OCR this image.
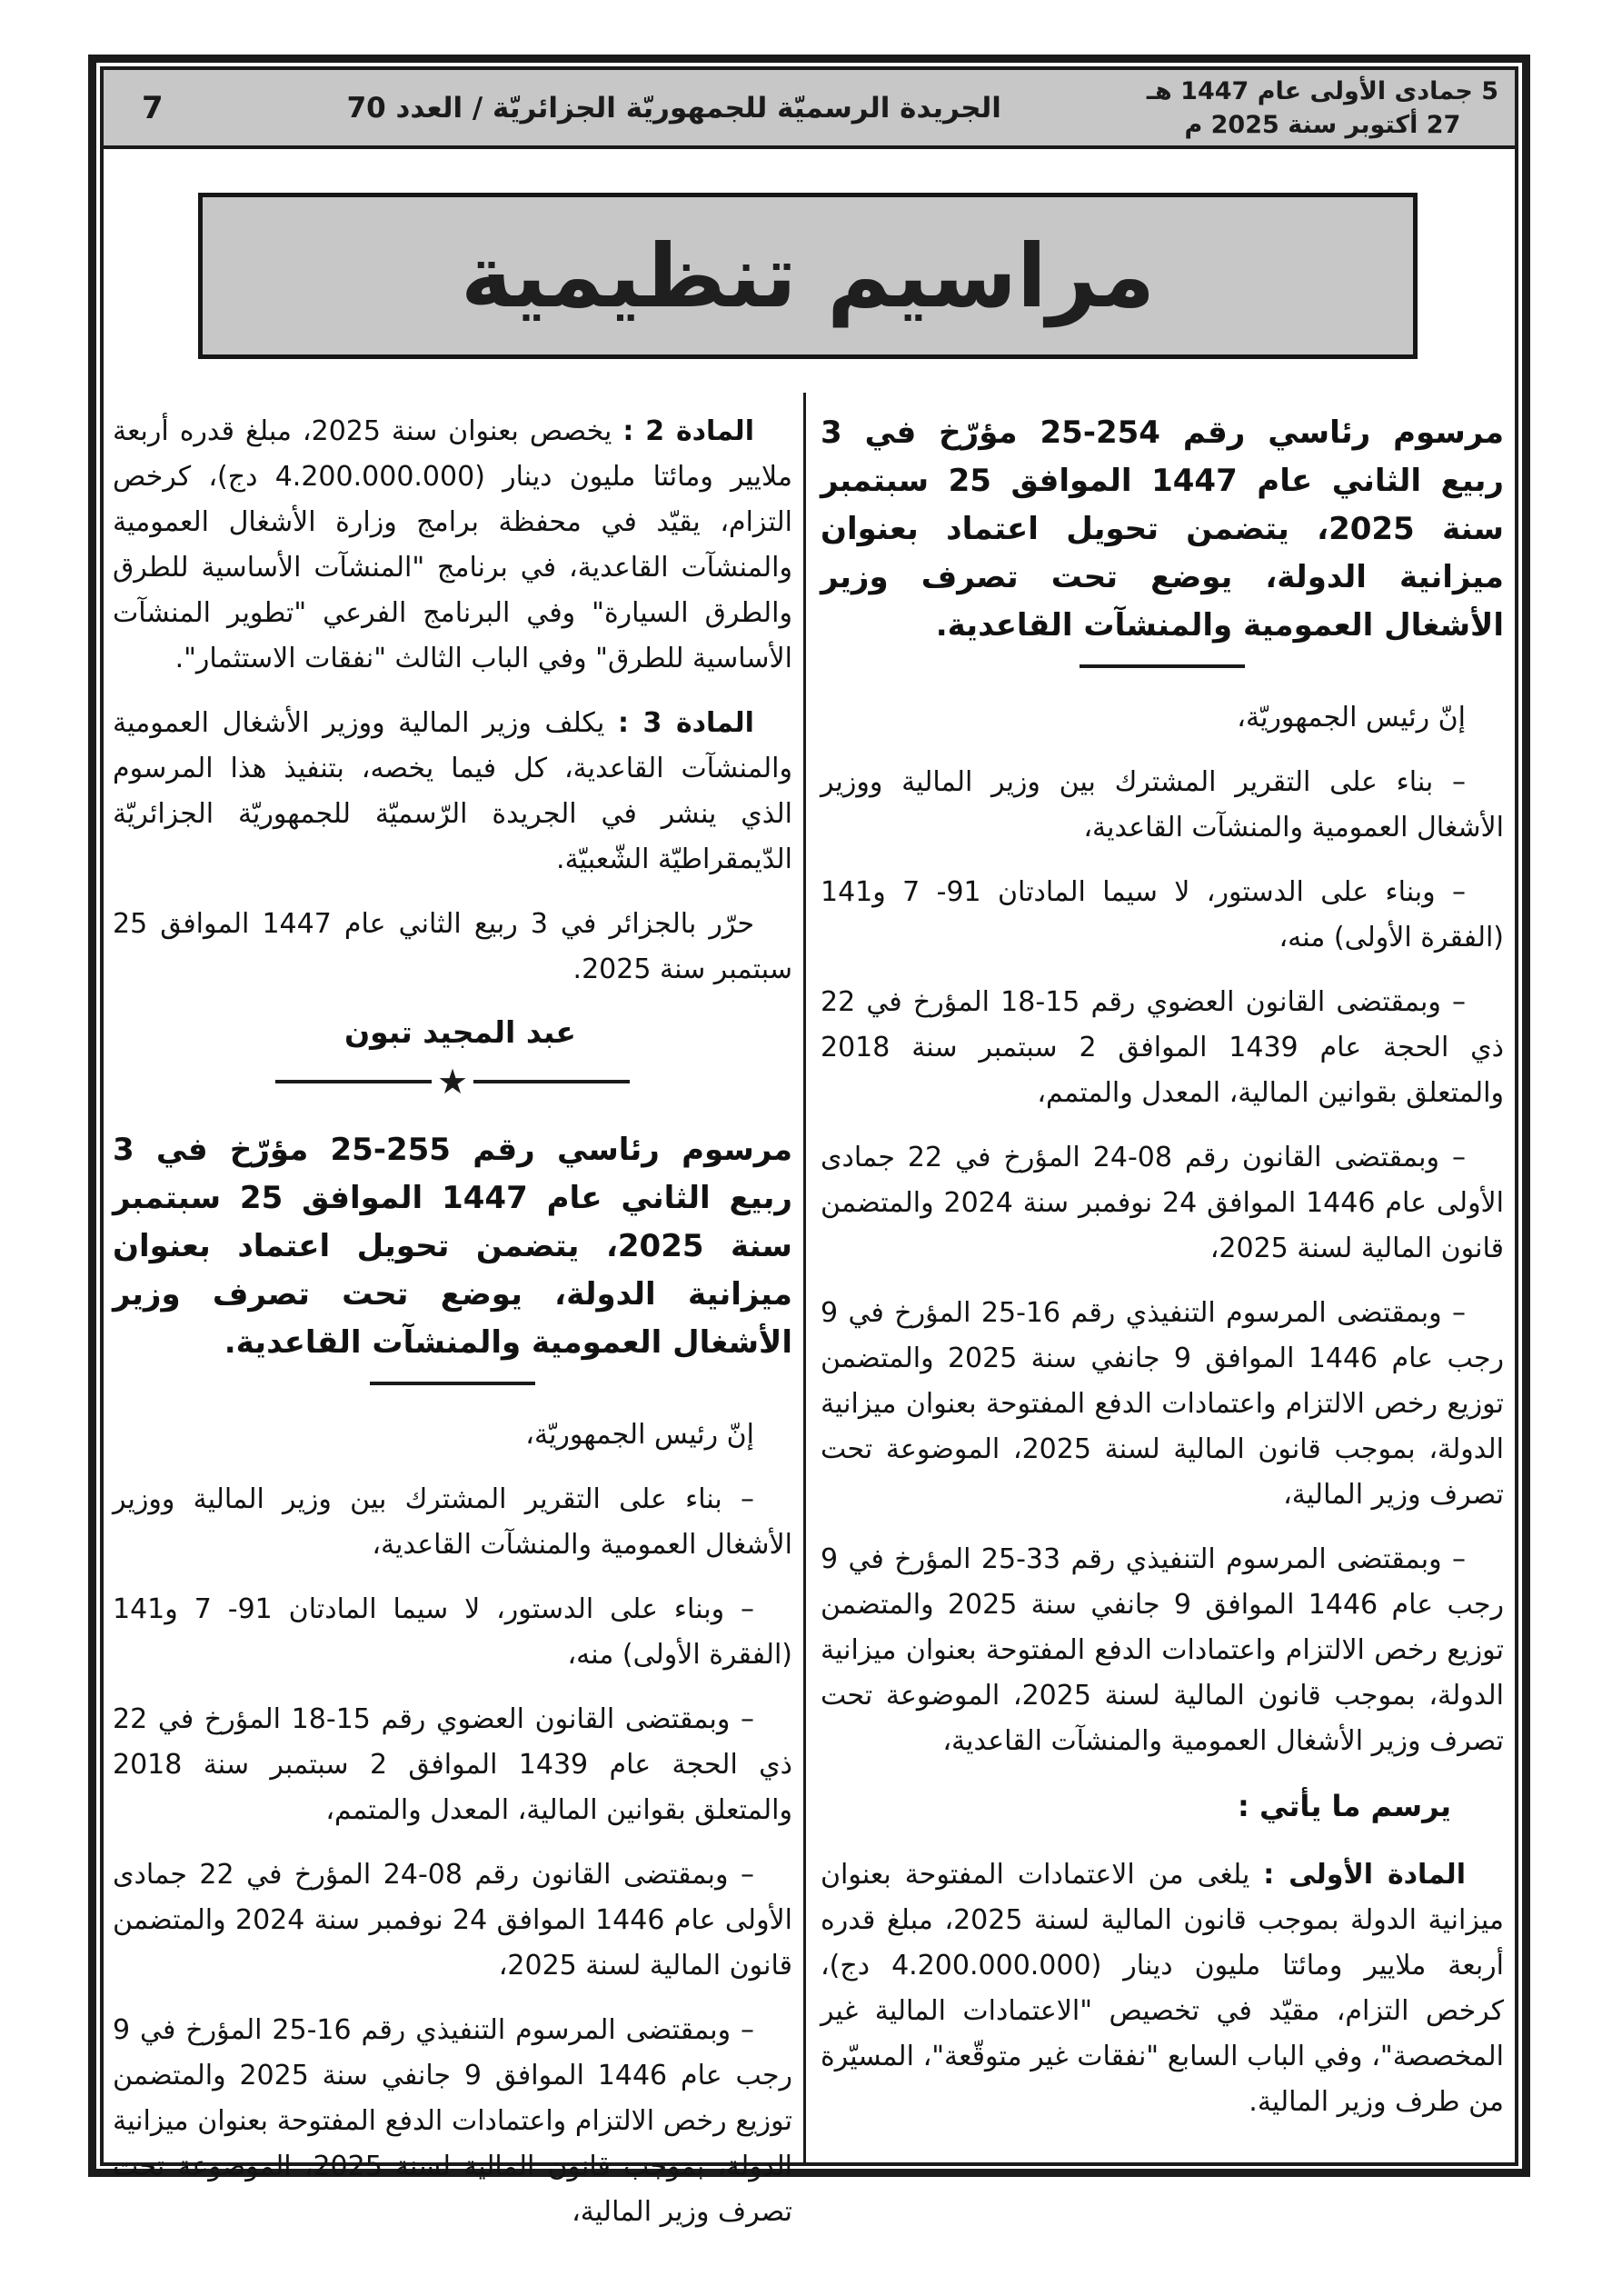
7	الجريدة الرسميّة للجمهوريّة الجزائريّة / العدد 70
5 جمادى الأولى عام 1447 هـ
27 أكتوبر سنة 2025 م
مراسيم تنظيمية

مرسوم رئاسي رقم 254-25 مؤرّخ في 3 ربيع الثاني عام 1447 الموافق 25 سبتمبر سنة 2025، يتضمن تحويل اعتماد بعنوان ميزانية الدولة، يوضع تحت تصرف وزير الأشغال العمومية والمنشآت القاعدية.

إنّ رئيس الجمهوريّة،

– بناء على التقرير المشترك بين وزير المالية ووزير الأشغال العمومية والمنشآت القاعدية،

– وبناء على الدستور، لا سيما المادتان 91- 7 و141 (الفقرة الأولى) منه،

– وبمقتضى القانون العضوي رقم 15-18 المؤرخ في 22 ذي الحجة عام 1439 الموافق 2 سبتمبر سنة 2018 والمتعلق بقوانين المالية، المعدل والمتمم،

– وبمقتضى القانون رقم 08-24 المؤرخ في 22 جمادى الأولى عام 1446 الموافق 24 نوفمبر سنة 2024 والمتضمن قانون المالية لسنة 2025،

– وبمقتضى المرسوم التنفيذي رقم 16-25 المؤرخ في 9 رجب عام 1446 الموافق 9 جانفي سنة 2025 والمتضمن توزيع رخص الالتزام واعتمادات الدفع المفتوحة بعنوان ميزانية الدولة، بموجب قانون المالية لسنة 2025، الموضوعة تحت تصرف وزير المالية،

– وبمقتضى المرسوم التنفيذي رقم 33-25 المؤرخ في 9 رجب عام 1446 الموافق 9 جانفي سنة 2025 والمتضمن توزيع رخص الالتزام واعتمادات الدفع المفتوحة بعنوان ميزانية الدولة، بموجب قانون المالية لسنة 2025، الموضوعة تحت تصرف وزير الأشغال العمومية والمنشآت القاعدية،

يرسم ما يأتي :

المادة الأولى : يلغى من الاعتمادات المفتوحة بعنوان ميزانية الدولة بموجب قانون المالية لسنة 2025، مبلغ قدره أربعة ملايير ومائتا مليون دينار (4.200.000.000 دج)، كرخص التزام، مقيّد في تخصيص "الاعتمادات المالية غير المخصصة"، وفي الباب السابع "نفقات غير متوقّعة"، المسيّرة من طرف وزير المالية.

المادة 2 : يخصص بعنوان سنة 2025، مبلغ قدره أربعة ملايير ومائتا مليون دينار (4.200.000.000 دج)، كرخص التزام، يقيّد في محفظة برامج وزارة الأشغال العمومية والمنشآت القاعدية، في برنامج "المنشآت الأساسية للطرق والطرق السيارة" وفي البرنامج الفرعي "تطوير المنشآت الأساسية للطرق" وفي الباب الثالث "نفقات الاستثمار".

المادة 3 : يكلف وزير المالية ووزير الأشغال العمومية والمنشآت القاعدية، كل فيما يخصه، بتنفيذ هذا المرسوم الذي ينشر في الجريدة الرّسميّة للجمهوريّة الجزائريّة الدّيمقراطيّة الشّعبيّة.

حرّر بالجزائر في 3 ربيع الثاني عام 1447 الموافق 25 سبتمبر سنة 2025.

عبد المجيد تبون
★

مرسوم رئاسي رقم 255-25 مؤرّخ في 3 ربيع الثاني عام 1447 الموافق 25 سبتمبر سنة 2025، يتضمن تحويل اعتماد بعنوان ميزانية الدولة، يوضع تحت تصرف وزير الأشغال العمومية والمنشآت القاعدية.

إنّ رئيس الجمهوريّة،

– بناء على التقرير المشترك بين وزير المالية ووزير الأشغال العمومية والمنشآت القاعدية،

– وبناء على الدستور، لا سيما المادتان 91- 7 و141 (الفقرة الأولى) منه،

– وبمقتضى القانون العضوي رقم 15-18 المؤرخ في 22 ذي الحجة عام 1439 الموافق 2 سبتمبر سنة 2018 والمتعلق بقوانين المالية، المعدل والمتمم،

– وبمقتضى القانون رقم 08-24 المؤرخ في 22 جمادى الأولى عام 1446 الموافق 24 نوفمبر سنة 2024 والمتضمن قانون المالية لسنة 2025،

– وبمقتضى المرسوم التنفيذي رقم 16-25 المؤرخ في 9 رجب عام 1446 الموافق 9 جانفي سنة 2025 والمتضمن توزيع رخص الالتزام واعتمادات الدفع المفتوحة بعنوان ميزانية الدولة، بموجب قانون المالية لسنة 2025، الموضوعة تحت تصرف وزير المالية،
